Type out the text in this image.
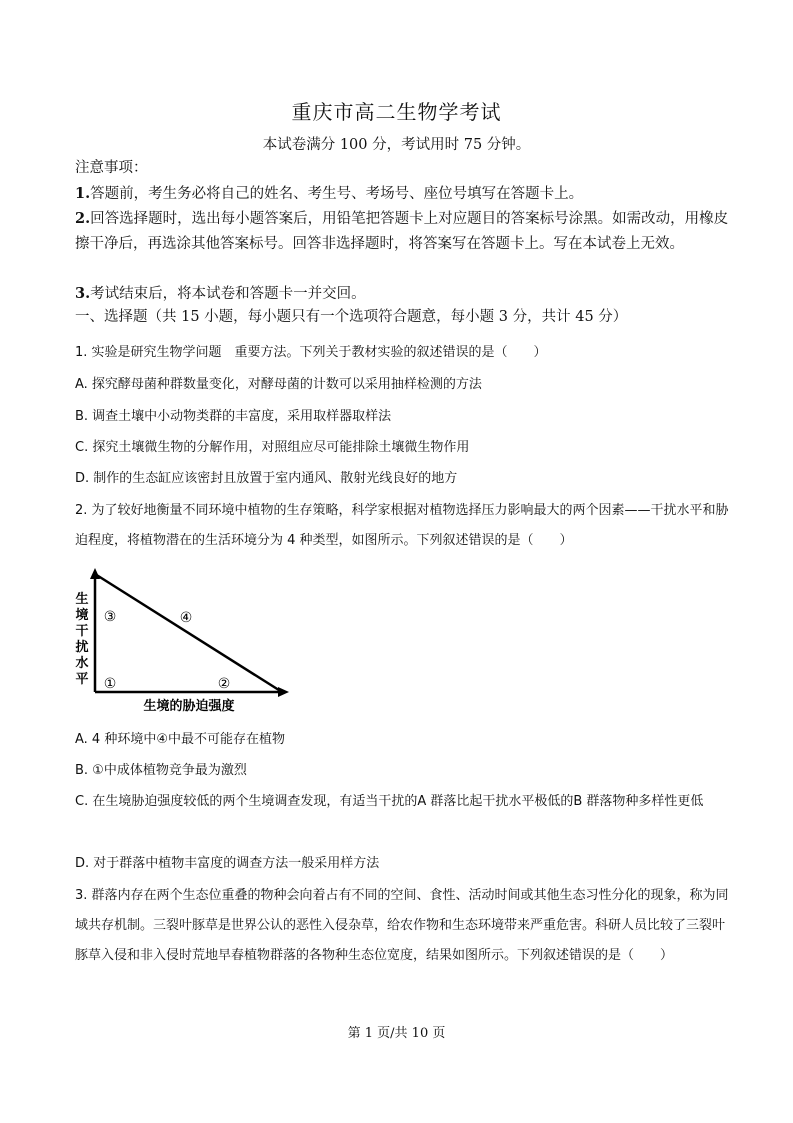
重庆市高二生物学考试
本试卷满分 100 分，考试用时 75 分钟。
注意事项：
1.答题前，考生务必将自己的姓名、考生号、考场号、座位号填写在答题卡上。
2.回答选择题时，选出每小题答案后，用铅笔把答题卡上对应题目的答案标号涂黑。如需改动，用橡皮擦干净后，再选涂其他答案标号。回答非选择题时，将答案写在答题卡上。写在本试卷上无效。
3.考试结束后，将本试卷和答题卡一并交回。
一、选择题（共 15 小题，每小题只有一个选项符合题意，每小题 3 分，共计 45 分）
1. 实验是研究生物学问题　重要方法。下列关于教材实验的叙述错误的是（　　）
A. 探究酵母菌种群数量变化，对酵母菌的计数可以采用抽样检测的方法
B. 调查土壤中小动物类群的丰富度，采用取样器取样法
C. 探究土壤微生物的分解作用，对照组应尽可能排除土壤微生物作用
D. 制作的生态缸应该密封且放置于室内通风、散射光线良好的地方
2. 为了较好地衡量不同环境中植物的生存策略，科学家根据对植物选择压力影响最大的两个因素——干扰水平和胁迫程度，将植物潜在的生活环境分为 4 种类型，如图所示。下列叙述错误的是（　　）
生
境
干
扰
水
平 ①	②
③	④
生境的胁迫强度
A. 4 种环境中④中最不可能存在植物
B. ①中成体植物竞争最为激烈
C. 在生境胁迫强度较低的两个生境调查发现，有适当干扰的A 群落比起干扰水平极低的B 群落物种多样性更低
D. 对于群落中植物丰富度的调查方法一般采用样方法
3. 群落内存在两个生态位重叠的物种会向着占有不同的空间、食性、活动时间或其他生态习性分化的现象，称为同域共存机制。三裂叶豚草是世界公认的恶性入侵杂草，给农作物和生态环境带来严重危害。科研人员比较了三裂叶豚草入侵和非入侵时荒地早春植物群落的各物种生态位宽度，结果如图所示。下列叙述错误的是（　　）
第 1 页/共 10 页
